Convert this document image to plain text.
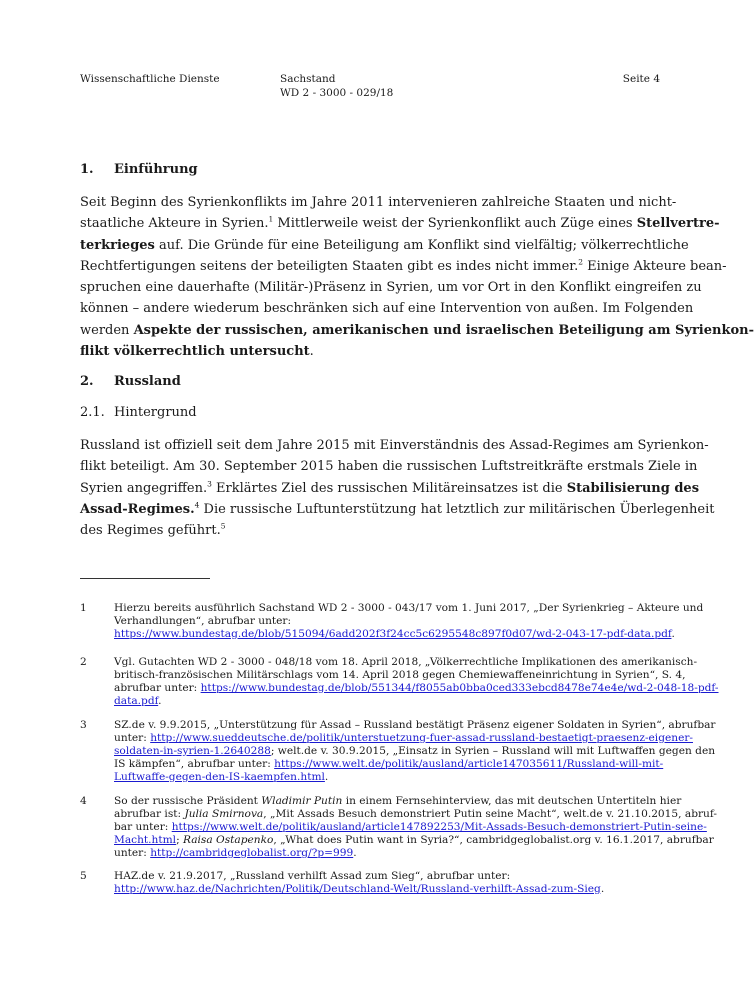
Wissenschaftliche Dienste	Sachstand
WD 2 - 3000 - 029/18
Seite 4
1. Einführung
Seit Beginn des Syrienkonflikts im Jahre 2011 intervenieren zahlreiche Staaten und nicht-
staatliche Akteure in Syrien.$^1$ Mittlerweile weist der Syrienkonflikt auch Züge eines Stellvertre-
terkrieges auf. Die Gründe für eine Beteiligung am Konflikt sind vielfältig; völkerrechtliche
Rechtfertigungen seitens der beteiligten Staaten gibt es indes nicht immer.$^2$ Einige Akteure bean-
spruchen eine dauerhafte (Militär-)Präsenz in Syrien, um vor Ort in den Konflikt eingreifen zu
können – andere wiederum beschränken sich auf eine Intervention von außen. Im Folgenden
werden Aspekte der russischen, amerikanischen und israelischen Beteiligung am Syrienkon-
flikt völkerrechtlich untersucht.
2. Russland
2.1. Hintergrund
Russland ist offiziell seit dem Jahre 2015 mit Einverständnis des Assad-Regimes am Syrienkon-
flikt beteiligt. Am 30. September 2015 haben die russischen Luftstreitkräfte erstmals Ziele in
Syrien angegriffen.$^3$ Erklärtes Ziel des russischen Militäreinsatzes ist die Stabilisierung des
Assad-Regimes.$^4$ Die russische Luftunterstützung hat letztlich zur militärischen Überlegenheit
des Regimes geführt.$^5$
1	Hierzu bereits ausführlich Sachstand WD 2 - 3000 - 043/17 vom 1. Juni 2017, „Der Syrienkrieg – Akteure und
Verhandlungen“, abrufbar unter:
https://www.bundestag.de/blob/515094/6add202f3f24cc5c6295548c897f0d07/wd-2-043-17-pdf-data.pdf.
2	Vgl. Gutachten WD 2 - 3000 - 048/18 vom 18. April 2018, „Völkerrechtliche Implikationen des amerikanisch-
britisch-französischen Militärschlags vom 14. April 2018 gegen Chemiewaffeneinrichtung in Syrien“, S. 4,
abrufbar unter: https://www.bundestag.de/blob/551344/f8055ab0bba0ced333ebcd8478e74e4e/wd-2-048-18-pdf-
data.pdf.
3	SZ.de v. 9.9.2015, „Unterstützung für Assad – Russland bestätigt Präsenz eigener Soldaten in Syrien“, abrufbar
unter: http://www.sueddeutsche.de/politik/unterstuetzung-fuer-assad-russland-bestaetigt-praesenz-eigener-
soldaten-in-syrien-1.2640288; welt.de v. 30.9.2015, „Einsatz in Syrien – Russland will mit Luftwaffen gegen den
IS kämpfen“, abrufbar unter: https://www.welt.de/politik/ausland/article147035611/Russland-will-mit-
Luftwaffe-gegen-den-IS-kaempfen.html.
4	So der russische Präsident Wladimir Putin in einem Fernsehinterview, das mit deutschen Untertiteln hier
abrufbar ist: Julia Smirnova, „Mit Assads Besuch demonstriert Putin seine Macht“, welt.de v. 21.10.2015, abruf-
bar unter: https://www.welt.de/politik/ausland/article147892253/Mit-Assads-Besuch-demonstriert-Putin-seine-
Macht.html; Raisa Ostapenko, „What does Putin want in Syria?“, cambridgeglobalist.org v. 16.1.2017, abrufbar
unter: http://cambridgeglobalist.org/?p=999.
5	HAZ.de v. 21.9.2017, „Russland verhilft Assad zum Sieg“, abrufbar unter:
http://www.haz.de/Nachrichten/Politik/Deutschland-Welt/Russland-verhilft-Assad-zum-Sieg.
